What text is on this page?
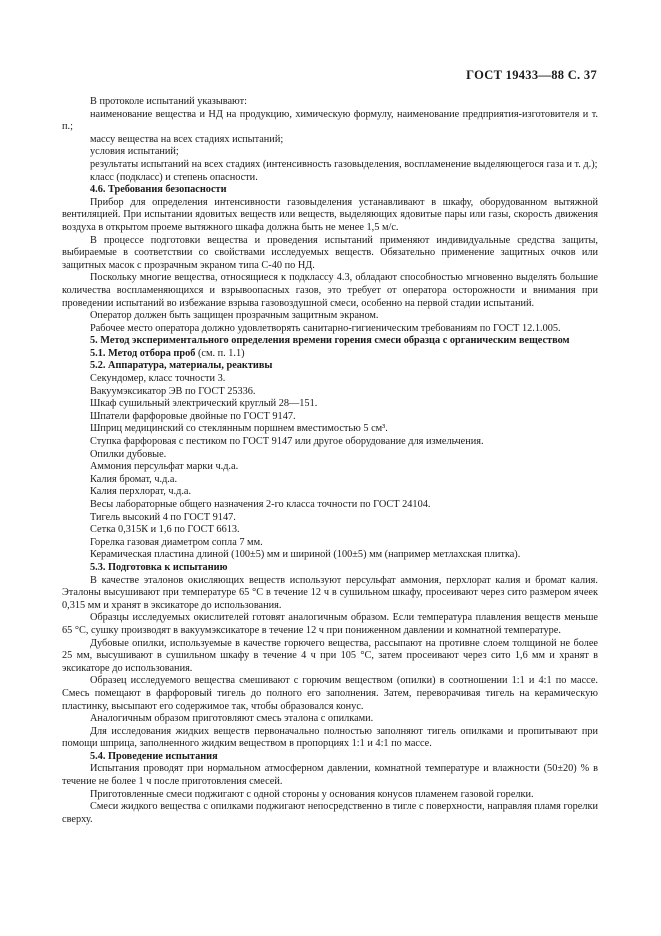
ГОСТ 19433—88 С. 37

В протоколе испытаний указывают:

наименование вещества и НД на продукцию, химическую формулу, наименование предприятия-изготовителя и т. п.;

массу вещества на всех стадиях испытаний;

условия испытаний;

результаты испытаний на всех стадиях (интенсивность газовыделения, воспламенение выделяющегося газа и т. д.);

класс (подкласс) и степень опасности.

4.6. Требования безопасности

Прибор для определения интенсивности газовыделения устанавливают в шкафу, оборудованном вытяжной вентиляцией. При испытании ядовитых веществ или веществ, выделяющих ядовитые пары или газы, скорость движения воздуха в открытом проеме вытяжного шкафа должна быть не менее 1,5 м/с.

В процессе подготовки вещества и проведения испытаний применяют индивидуальные средства защиты, выбираемые в соответствии со свойствами исследуемых веществ. Обязательно применение защитных очков или защитных масок с прозрачным экраном типа С-40 по НД.

Поскольку многие вещества, относящиеся к подклассу 4.3, обладают способностью мгновенно выделять большие количества воспламеняющихся и взрывоопасных газов, это требует от оператора осторожности и внимания при проведении испытаний во избежание взрыва газовоздушной смеси, особенно на первой стадии испытаний.

Оператор должен быть защищен прозрачным защитным экраном.

Рабочее место оператора должно удовлетворять санитарно-гигиеническим требованиям по ГОСТ 12.1.005.

5. Метод экспериментального определения времени горения смеси образца с органическим веществом

5.1. Метод отбора проб (см. п. 1.1)

5.2. Аппаратура, материалы, реактивы

Секундомер, класс точности 3.

Вакуумэксикатор ЭВ по ГОСТ 25336.

Шкаф сушильный электрический круглый 28—151.

Шпатели фарфоровые двойные по ГОСТ 9147.

Шприц медицинский со стеклянным поршнем вместимостью 5 см³.

Ступка фарфоровая с пестиком по ГОСТ 9147 или другое оборудование для измельчения.

Опилки дубовые.

Аммония персульфат марки ч.д.а.

Калия бромат, ч.д.а.

Калия перхлорат, ч.д.а.

Весы лабораторные общего назначения 2-го класса точности по ГОСТ 24104.

Тигель высокий 4 по ГОСТ 9147.

Сетка 0,315К и 1,6 по ГОСТ 6613.

Горелка газовая диаметром сопла 7 мм.

Керамическая пластина длиной (100±5) мм и шириной (100±5) мм (например метлахская плитка).

5.3. Подготовка к испытанию

В качестве эталонов окисляющих веществ используют персульфат аммония, перхлорат калия и бромат калия. Эталоны высушивают при температуре 65 °С в течение 12 ч в сушильном шкафу, просеивают через сито размером ячеек 0,315 мм и хранят в эксикаторе до использования.

Образцы исследуемых окислителей готовят аналогичным образом. Если температура плавления веществ меньше 65 °С, сушку производят в вакуумэксикаторе в течение 12 ч при пониженном давлении и комнатной температуре.

Дубовые опилки, используемые в качестве горючего вещества, рассыпают на противне слоем толщиной не более 25 мм, высушивают в сушильном шкафу в течение 4 ч при 105 °С, затем просеивают через сито 1,6 мм и хранят в эксикаторе до использования.

Образец исследуемого вещества смешивают с горючим веществом (опилки) в соотношении 1:1 и 4:1 по массе. Смесь помещают в фарфоровый тигель до полного его заполнения. Затем, переворачивая тигель на керамическую пластинку, высыпают его содержимое так, чтобы образовался конус.

Аналогичным образом приготовляют смесь эталона с опилками.

Для исследования жидких веществ первоначально полностью заполняют тигель опилками и пропитывают при помощи шприца, заполненного жидким веществом в пропорциях 1:1 и 4:1 по массе.

5.4. Проведение испытания

Испытания проводят при нормальном атмосферном давлении, комнатной температуре и влажности (50±20) % в течение не более 1 ч после приготовления смесей.

Приготовленные смеси поджигают с одной стороны у основания конусов пламенем газовой горелки.

Смеси жидкого вещества с опилками поджигают непосредственно в тигле с поверхности, направляя пламя горелки сверху.
